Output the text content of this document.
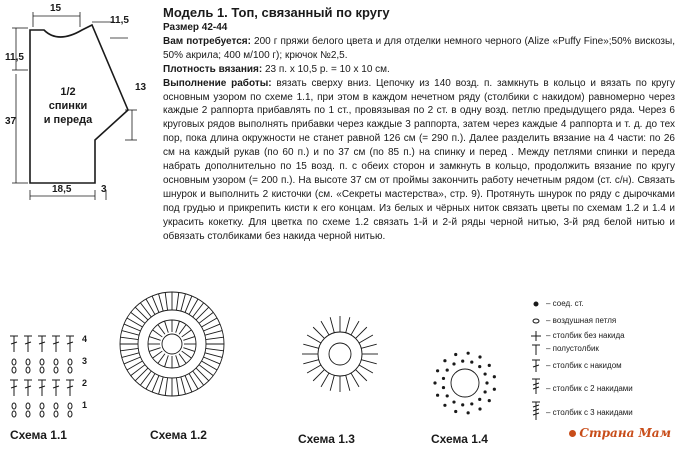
15
11,5
11,5
37
13
18,5	3
1/2
спинки
и переда
Модель 1. Топ, связанный по кругу

Размер 42-44

Вам потребуется: 200 г пряжи белого цвета и для отделки немного черного (Alize «Puffy Fine»;50% вискозы, 50% акрила; 400 м/100 г); крючок №2,5.

Плотность вязания: 23 п. х 10,5 р. = 10 х 10 см.

Выполнение работы: вязать сверху вниз. Цепочку из 140 возд. п. замкнуть в кольцо и вязать по кругу основным узором по схеме 1.1, при этом в каждом нечетном ряду (столбики с накидом) равномерно через каждые 2 раппорта прибавлять по 1 ст., провязывая по 2 ст. в одну возд. петлю предыдущего ряда. Через 6 круговых рядов выполнять прибавки через каждые 3 раппорта, затем через каждые 4 раппорта и т. д. до тех пор, пока длина окружности не станет равной 126 см (= 290 п.). Далее разделить вязание на 4 части: по 26 см на каждый рукав (по 60 п.) и по 37 см (по 85 п.) на спинку и перед . Между петлями спинки и переда набрать дополнительно по 15 возд. п. с обеих сторон и замкнуть в кольцо, продолжить вязание по кругу основным узором (= 200 п.). На высоте 37 см от проймы закончить работу нечетным рядом (ст. с/н). Связать шнурок и выполнить 2 кисточки (см. «Секреты мастерства», стр. 9). Протянуть шнурок по ряду с дырочками под грудью и прикрепить кисти к его концам. Из белых и чёрных ниток связать цветы по схемам 1.2 и 1.4 и украсить кокетку. Для цветка по схеме 1.2 связать 1-й и 2-й ряды черной нитью, 3-й ряд белой нитью и обвязать столбиками без накида черной нитью.

Схема 1.1	Схема 1.2	Схема 1.3	Схема 1.4
4
3
2
1
– соед. ст.
– воздушная петля
– столбик без накида
– полустолбик
– столбик с накидом
– столбик с 2 накидами
– столбик с 3 накидами
Страна Мам
